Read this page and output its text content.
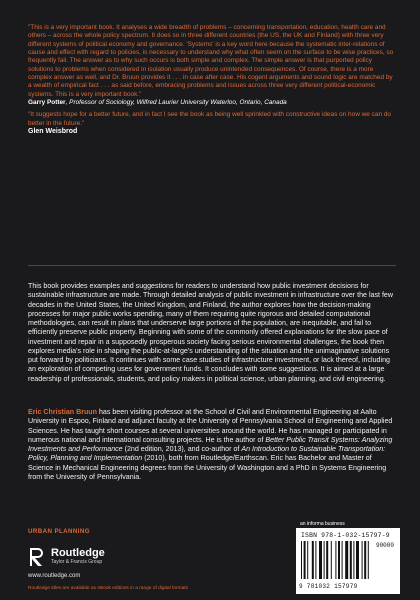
"This is a very important book. It analyses a wide breadth of problems – concerning transportation, education, health care and others – across the whole policy spectrum. It does so in three different countries (the US, the UK and Finland) with three very different systems of political economy and governance. 'Systems' is a key word here because the systematic inter-relations of cause and effect with regard to policies, is necessary to understand why what often seem on the surface to be wise practices, so frequently fail. The answer as to why such occurs is both simple and complex. The simple answer is that purported policy solutions to problems when considered in isolation usually produce unintended consequences. Of course, there is a more complex answer as well, and Dr. Bruun provides it . . . in case after case. His cogent arguments and sound logic are matched by a wealth of empirical fact . . . as said before, embracing problems and issues across three very different political-economic systems. This is a very important book."
Garry Potter, Professor of Sociology, Wilfred Laurier University Waterloo, Ontario, Canada

"It suggests hope for a better future, and in fact I see the book as being well sprinkled with constructive ideas on how we can do better in the future."
Glen Weisbrod

This book provides examples and suggestions for readers to understand how public investment decisions for sustainable infrastructure are made. Through detailed analysis of public investment in infrastructure over the last few decades in the United States, the United Kingdom, and Finland, the author explores how the decision-making processes for major public works spending, many of them requiring quite rigorous and detailed computational methodologies, can result in plans that underserve large portions of the population, are inequitable, and fail to efficiently preserve public property. Beginning with some of the commonly offered explanations for the slow pace of investment and repair in a supposedly prosperous society facing serious environmental challenges, the book then explores media's role in shaping the public-at-large's understanding of the situation and the unimaginative solutions put forward by politicians. It continues with some case studies of infrastructure investment, or lack thereof, including an exploration of competing uses for government funds. It concludes with some suggestions. It is aimed at a large readership of professionals, students, and policy makers in political science, urban planning, and civil engineering.

Eric Christian Bruun has been visiting professor at the School of Civil and Environmental Engineering at Aalto University in Espoo, Finland and adjunct faculty at the University of Pennsylvania School of Engineering and Applied Sciences. He has taught short courses at several universities around the world. He has managed or participated in numerous national and international consulting projects. He is the author of Better Public Transit Systems: Analyzing Investments and Performance (2nd edition, 2013), and co-author of An Introduction to Sustainable Transportation: Policy, Planning and Implementation (2010), both from Routledge/Earthscan. Eric has Bachelor and Master of Science in Mechanical Engineering degrees from the University of Washington and a PhD in Systems Engineering from the University of Pennsylvania.

URBAN PLANNING
Routledge
Taylor & Francis Group
www.routledge.com
Routledge titles are available as eBook editions in a range of digital formats
an informa business
ISBN 978-1-032-15797-9
90000
9 781032 157979
